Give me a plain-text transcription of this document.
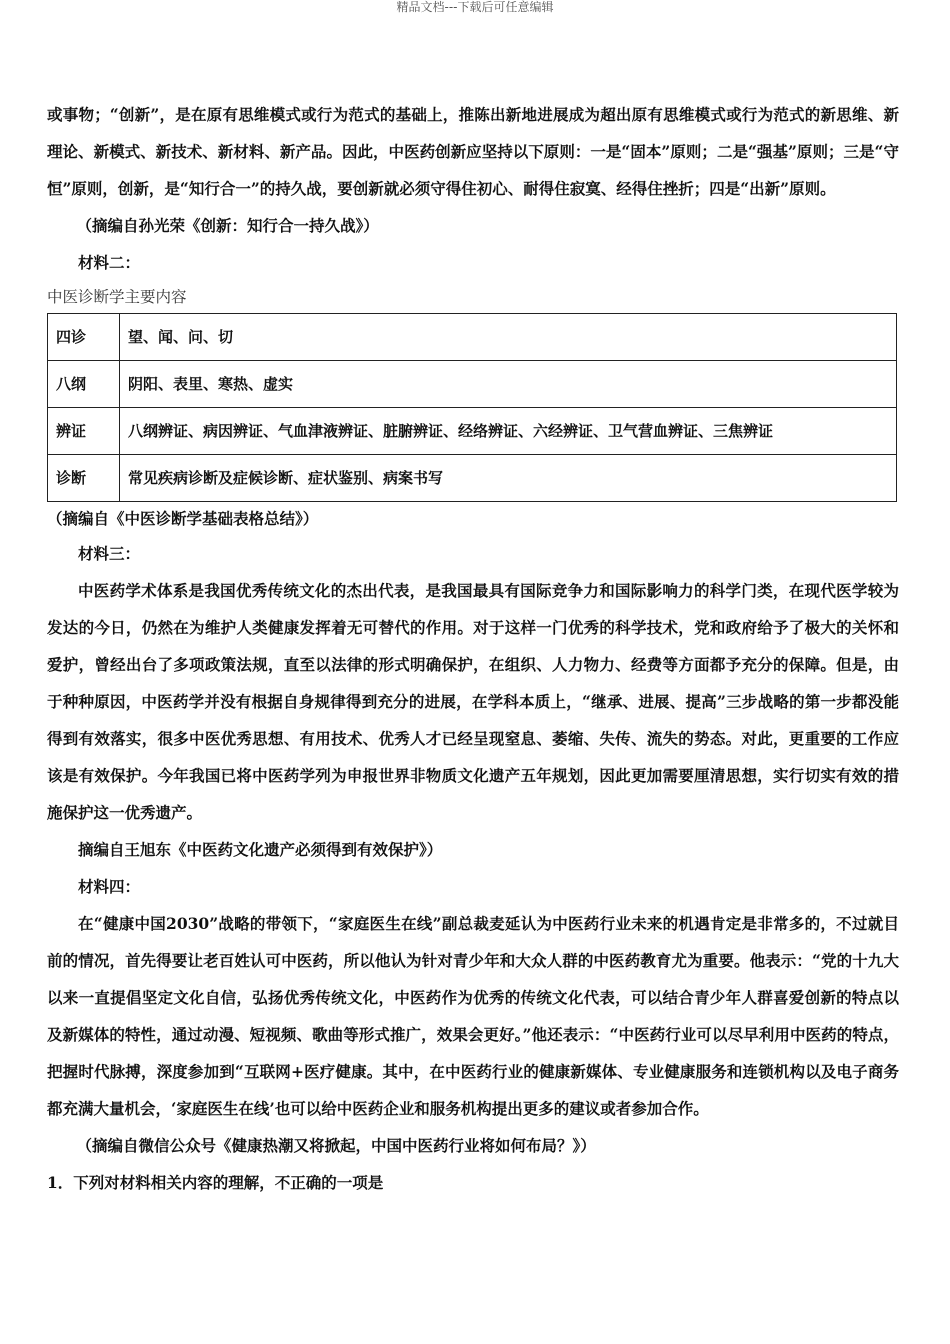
精品文档---下载后可任意编辑

或事物；“创新”，是在原有思维模式或行为范式的基础上，推陈出新地进展成为超出原有思维模式或行为范式的新思维、新理论、新模式、新技术、新材料、新产品。因此，中医药创新应坚持以下原则：一是“固本”原则；二是“强基”原则；三是“守恒”原则，创新，是“知行合一”的持久战，要创新就必须守得住初心、耐得住寂寞、经得住挫折；四是“出新”原则。

（摘编自孙光荣《创新：知行合一持久战》）

材料二：

中医诊断学主要内容
四诊	望、闻、问、切
八纲	阴阳、表里、寒热、虚实
辨证	八纲辨证、病因辨证、气血津液辨证、脏腑辨证、经络辨证、六经辨证、卫气营血辨证、三焦辨证
诊断	常见疾病诊断及症候诊断、症状鉴别、病案书写

（摘编自《中医诊断学基础表格总结》）

材料三：

中医药学术体系是我国优秀传统文化的杰出代表，是我国最具有国际竞争力和国际影响力的科学门类，在现代医学较为发达的今日，仍然在为维护人类健康发挥着无可替代的作用。对于这样一门优秀的科学技术，党和政府给予了极大的关怀和爱护，曾经出台了多项政策法规，直至以法律的形式明确保护，在组织、人力物力、经费等方面都予充分的保障。但是，由于种种原因，中医药学并没有根据自身规律得到充分的进展，在学科本质上，“继承、进展、提高”三步战略的第一步都没能得到有效落实，很多中医优秀思想、有用技术、优秀人才已经呈现窒息、萎缩、失传、流失的势态。对此，更重要的工作应该是有效保护。今年我国已将中医药学列为申报世界非物质文化遗产五年规划，因此更加需要厘清思想，实行切实有效的措施保护这一优秀遗产。

摘编自王旭东《中医药文化遗产必须得到有效保护》）

材料四：

在“健康中国2030”战略的带领下，“家庭医生在线”副总裁麦延认为中医药行业未来的机遇肯定是非常多的，不过就目前的情况，首先得要让老百姓认可中医药，所以他认为针对青少年和大众人群的中医药教育尤为重要。他表示：“党的十九大以来一直提倡坚定文化自信，弘扬优秀传统文化，中医药作为优秀的传统文化代表，可以结合青少年人群喜爱创新的特点以及新媒体的特性，通过动漫、短视频、歌曲等形式推广，效果会更好。”他还表示：“中医药行业可以尽早利用中医药的特点，把握时代脉搏，深度参加到“互联网+医疗健康。其中，在中医药行业的健康新媒体、专业健康服务和连锁机构以及电子商务都充满大量机会，‘家庭医生在线’也可以给中医药企业和服务机构提出更多的建议或者参加合作。

（摘编自微信公众号《健康热潮又将掀起，中国中医药行业将如何布局？》）

1．下列对材料相关内容的理解，不正确的一项是
